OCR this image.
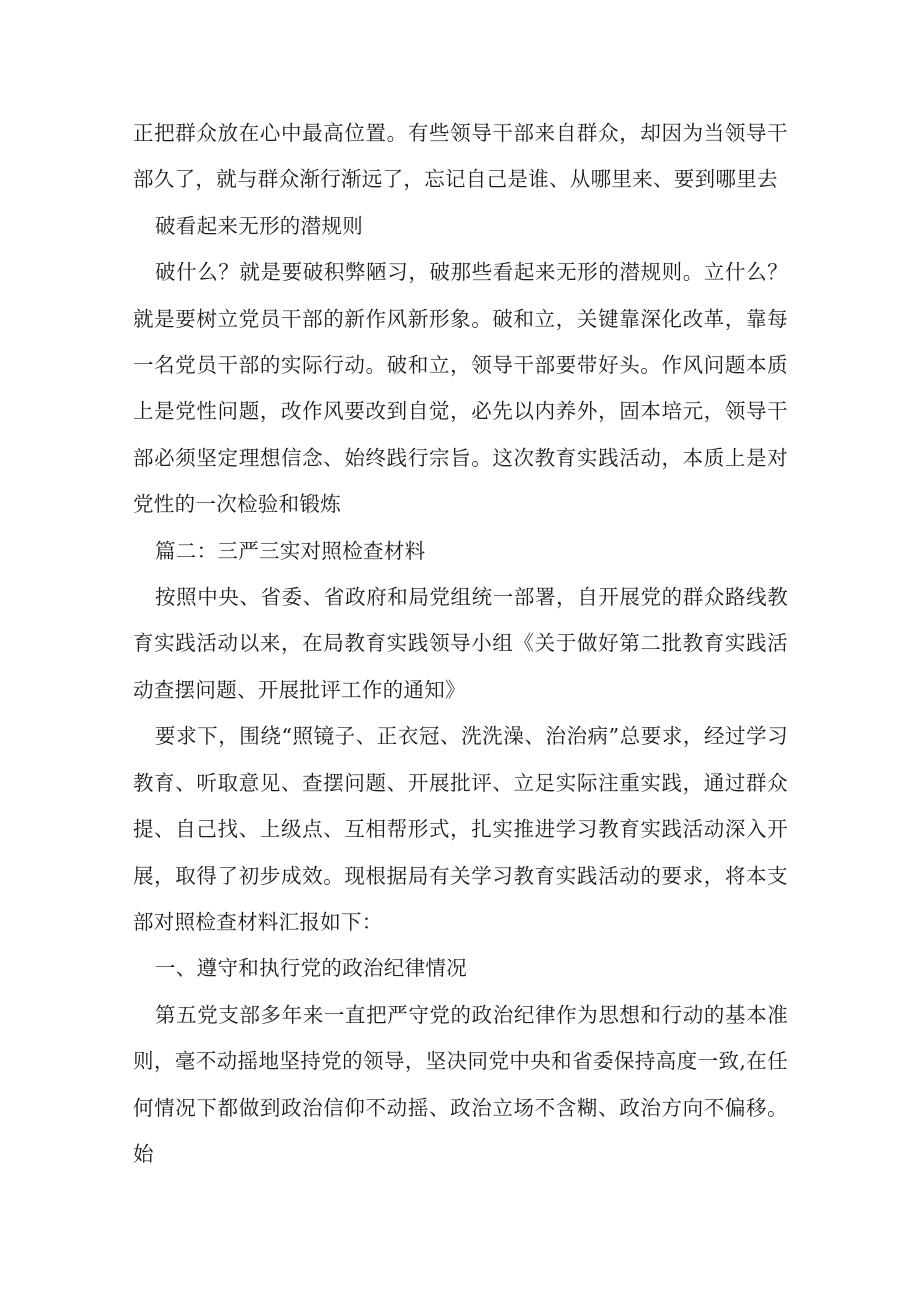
正把群众放在心中最高位置。有些领导干部来自群众，却因为当领导干部久了，就与群众渐行渐远了，忘记自己是谁、从哪里来、要到哪里去

破看起来无形的潜规则

破什么？就是要破积弊陋习，破那些看起来无形的潜规则。立什么？就是要树立党员干部的新作风新形象。破和立，关键靠深化改革，靠每一名党员干部的实际行动。破和立，领导干部要带好头。作风问题本质上是党性问题，改作风要改到自觉，必先以内养外，固本培元，领导干部必须坚定理想信念、始终践行宗旨。这次教育实践活动，本质上是对党性的一次检验和锻炼

篇二：三严三实对照检查材料

按照中央、省委、省政府和局党组统一部署，自开展党的群众路线教育实践活动以来，在局教育实践领导小组《关于做好第二批教育实践活动查摆问题、开展批评工作的通知》

要求下，围绕“照镜子、正衣冠、洗洗澡、治治病”总要求，经过学习教育、听取意见、查摆问题、开展批评、立足实际注重实践，通过群众提、自己找、上级点、互相帮形式，扎实推进学习教育实践活动深入开展，取得了初步成效。现根据局有关学习教育实践活动的要求，将本支部对照检查材料汇报如下：

一、遵守和执行党的政治纪律情况

第五党支部多年来一直把严守党的政治纪律作为思想和行动的基本准则，毫不动摇地坚持党的领导，坚决同党中央和省委保持高度一致,在任何情况下都做到政治信仰不动摇、政治立场不含糊、政治方向不偏移。始
